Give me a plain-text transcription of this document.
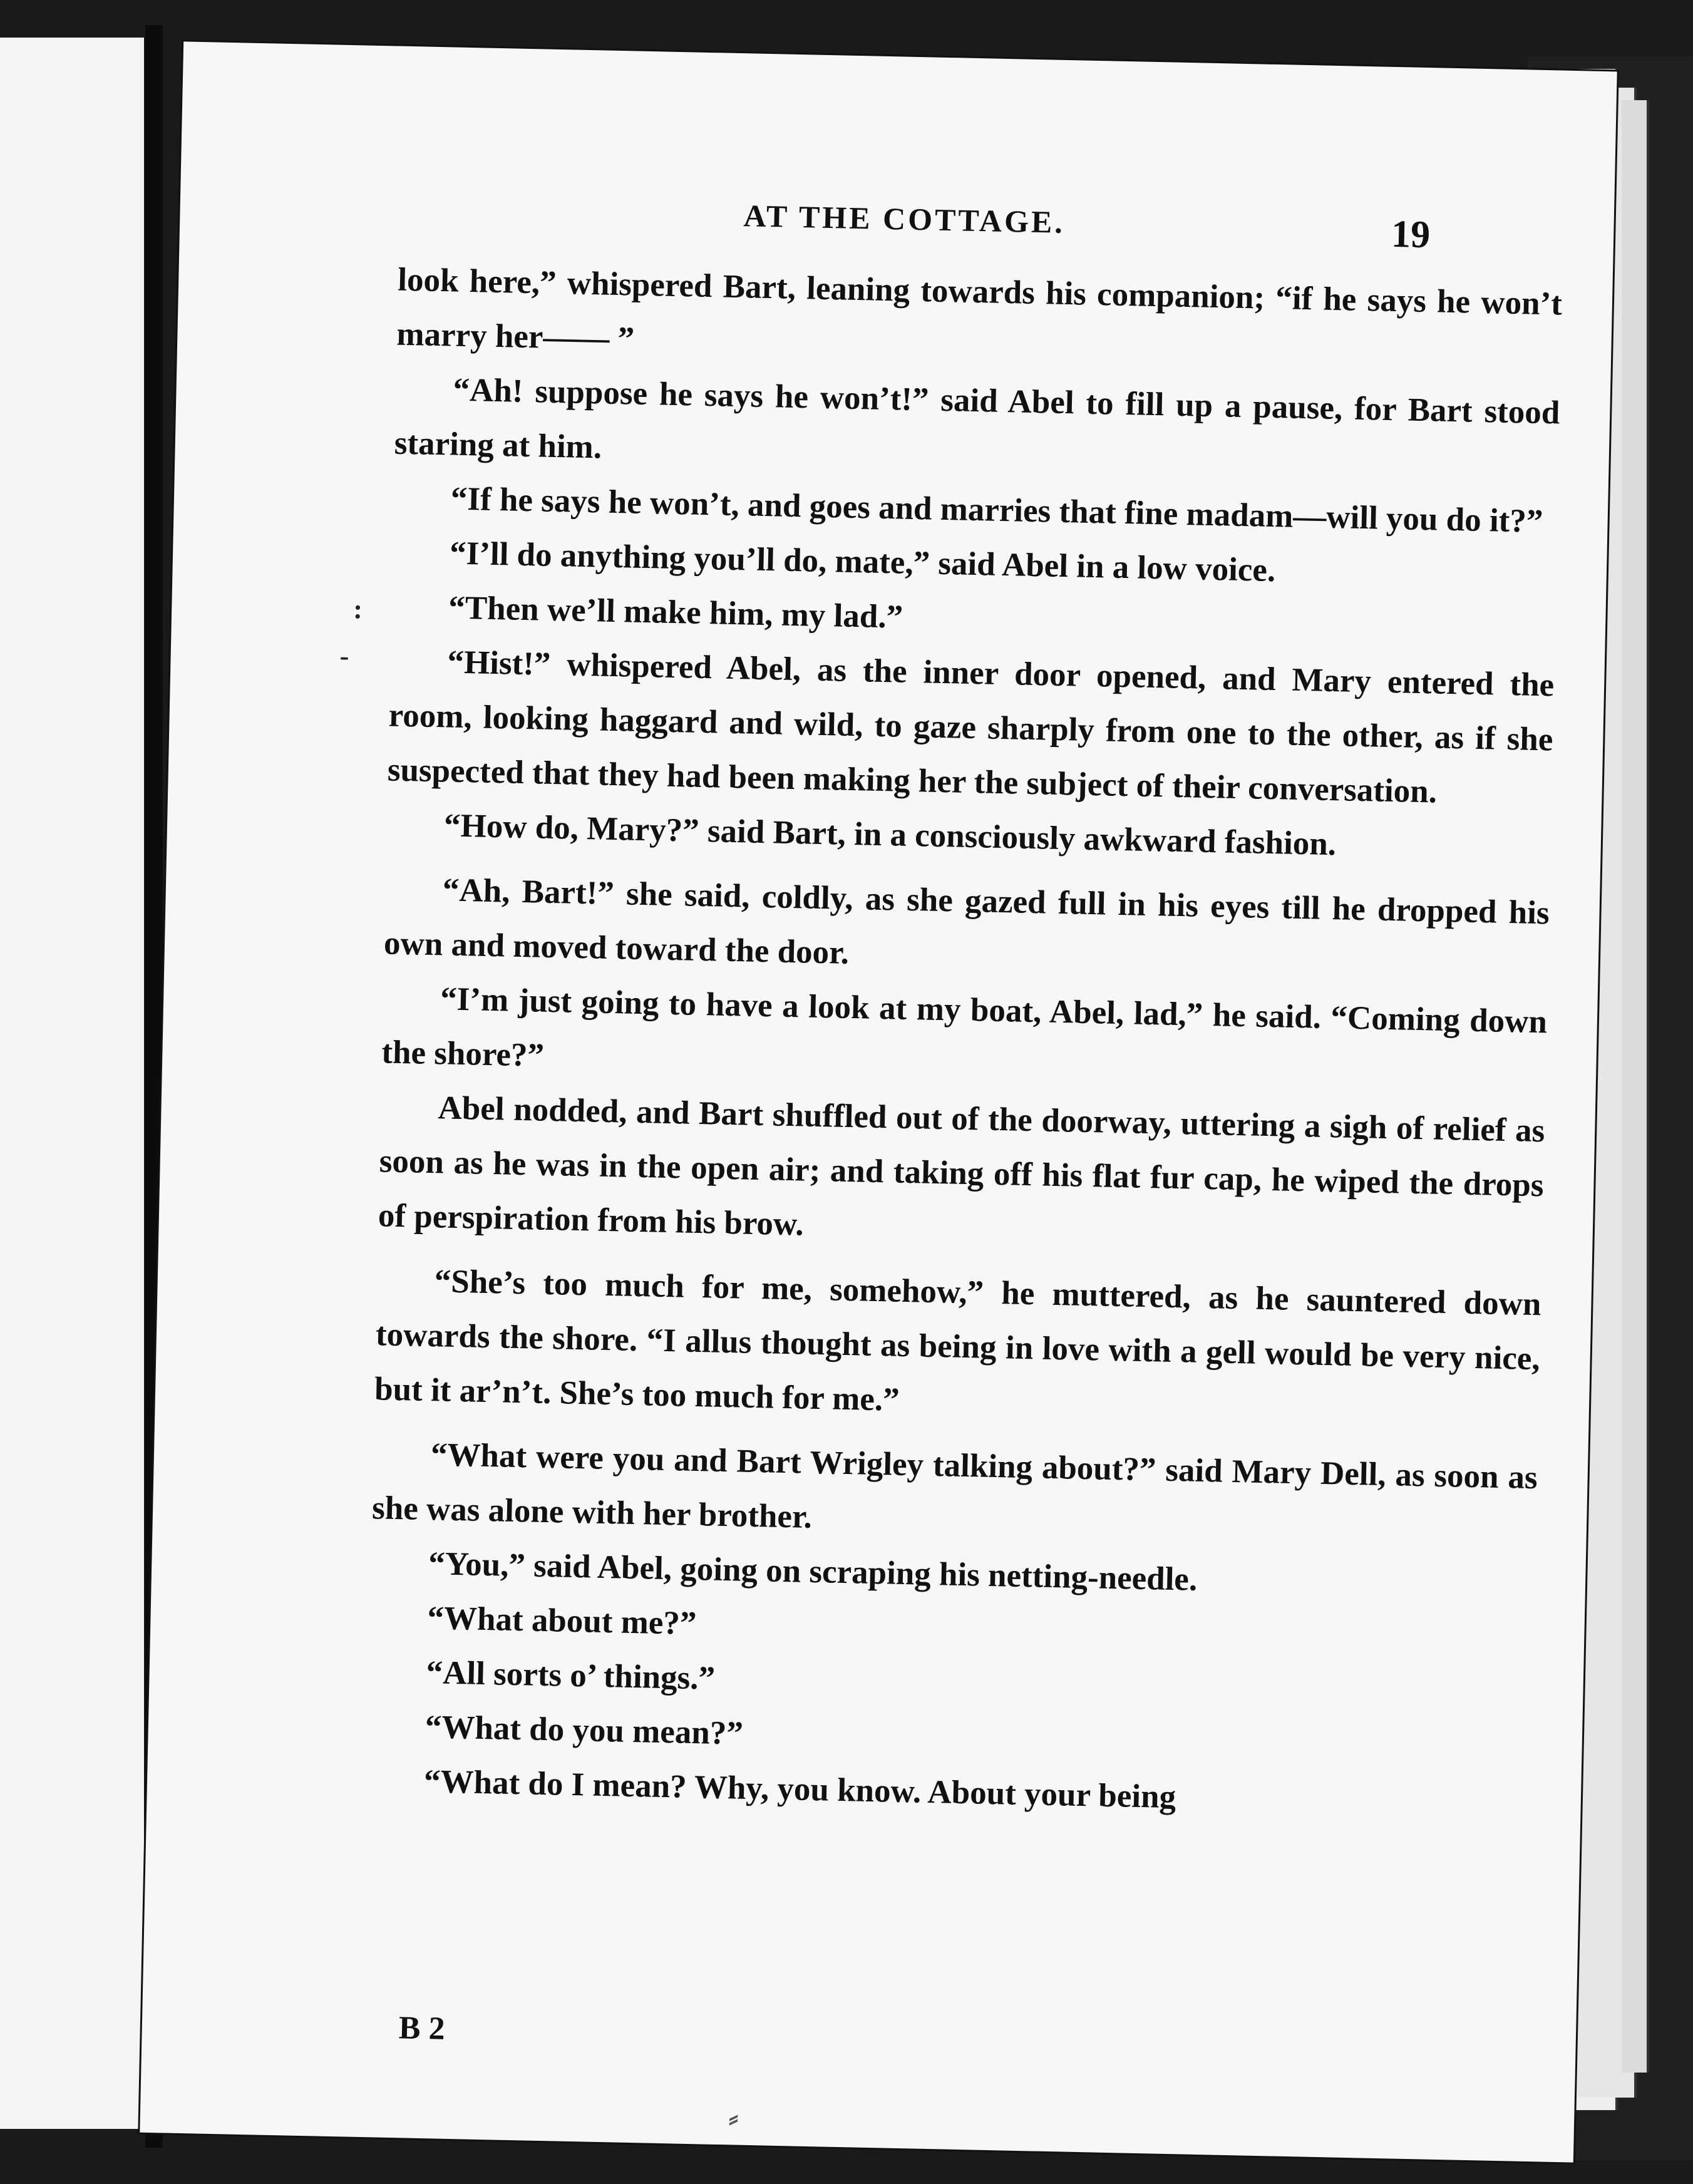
AT THE COTTAGE.	19

look here,” whispered Bart, leaning towards his companion; “if he says he won’t marry her—— ”

“Ah! suppose he says he won’t!” said Abel to fill up a pause, for Bart stood staring at him.

“If he says he won’t, and goes and marries that fine madam—will you do it?”

“I’ll do anything you’ll do, mate,” said Abel in a low voice.

“Then we’ll make him, my lad.”

“Hist!” whispered Abel, as the inner door opened, and Mary entered the room, looking haggard and wild, to gaze sharply from one to the other, as if she suspected that they had been making her the subject of their conversation.

“How do, Mary?” said Bart, in a consciously awkward fashion.

“Ah, Bart!” she said, coldly, as she gazed full in his eyes till he dropped his own and moved toward the door.

“I’m just going to have a look at my boat, Abel, lad,” he said. “Coming down the shore?”

Abel nodded, and Bart shuffled out of the doorway, uttering a sigh of relief as soon as he was in the open air; and taking off his flat fur cap, he wiped the drops of perspiration from his brow.

“She’s too much for me, somehow,” he muttered, as he sauntered down towards the shore. “I allus thought as being in love with a gell would be very nice, but it ar’n’t. She’s too much for me.”

“What were you and Bart Wrigley talking about?” said Mary Dell, as soon as she was alone with her brother.

“You,” said Abel, going on scraping his netting-needle.

“What about me?”

“All sorts o’ things.”

“What do you mean?”

“What do I mean? Why, you know. About your being

:
-
B 2
⸗
